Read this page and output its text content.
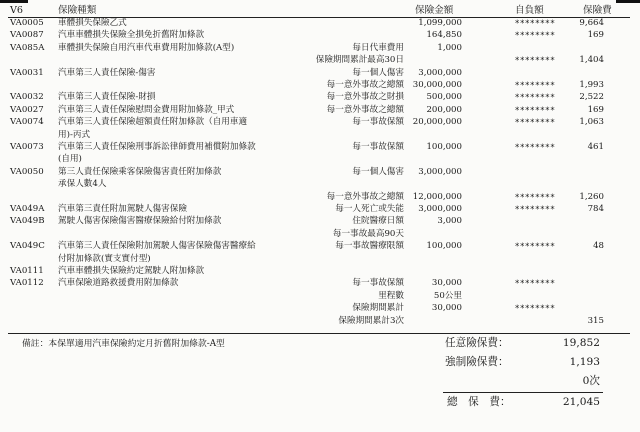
V6	保險種類	保險金額	自負額	保險費
VA0005 車體損失保險乙式	1,099,000	********	9,664
VA0087 汽車車體損失保險全損免折舊附加條款	164,850	********	169
VA085A 車體損失保險自用汽車代車費用附加條款(A型)	每日代車費用	1,000
保險期間累計最高30日	********	1,404
VA0031 汽車第三人責任保險-傷害	每一個人傷害	3,000,000
每一意外事故之總額	30,000,000	********	1,993
VA0032 汽車第三人責任保險-財損	每一意外事故之財損	500,000	********	2,522
VA0027 汽車第三人責任保險慰問金費用附加條款_甲式	每一意外事故之總額	200,000	********	169
VA0074 汽車第三人責任保險超額責任附加條款（自用車適	每一事故保額	20,000,000	********	1,063
用)-丙式
VA0073 汽車第三人責任保險刑事訴訟律師費用補償附加條款	每一事故保額	100,000	********	461
(自用)
VA0050 第三人責任保險乘客保險傷害責任附加條款	每一個人傷害	3,000,000
承保人數4人
每一意外事故之總額	12,000,000	********	1,260
VA049A 汽車第三責任附加駕駛人傷害保險	每一人死亡或失能	3,000,000	********	784
VA049B 駕駛人傷害保險傷害醫療保險給付附加條款	住院醫療日額	3,000
每一事故最高90天
VA049C 汽車第三人責任保險附加駕駛人傷害保險傷害醫療給	每一事故醫療限額	100,000	********	48
付附加條款(實支實付型)
VA0111 汽車車體損失保險約定駕駛人附加條款
VA0112 汽車保險道路救援費用附加條款	每一事故保額	30,000	********
里程數	50公里
保險期間累計	30,000	********
保險期間累計3次	315
備註：本保單適用汽車保險約定月折舊附加條款-A型	任意險保費：	19,852
強制險保費：	1,193
0次
總　保　費：	21,045
